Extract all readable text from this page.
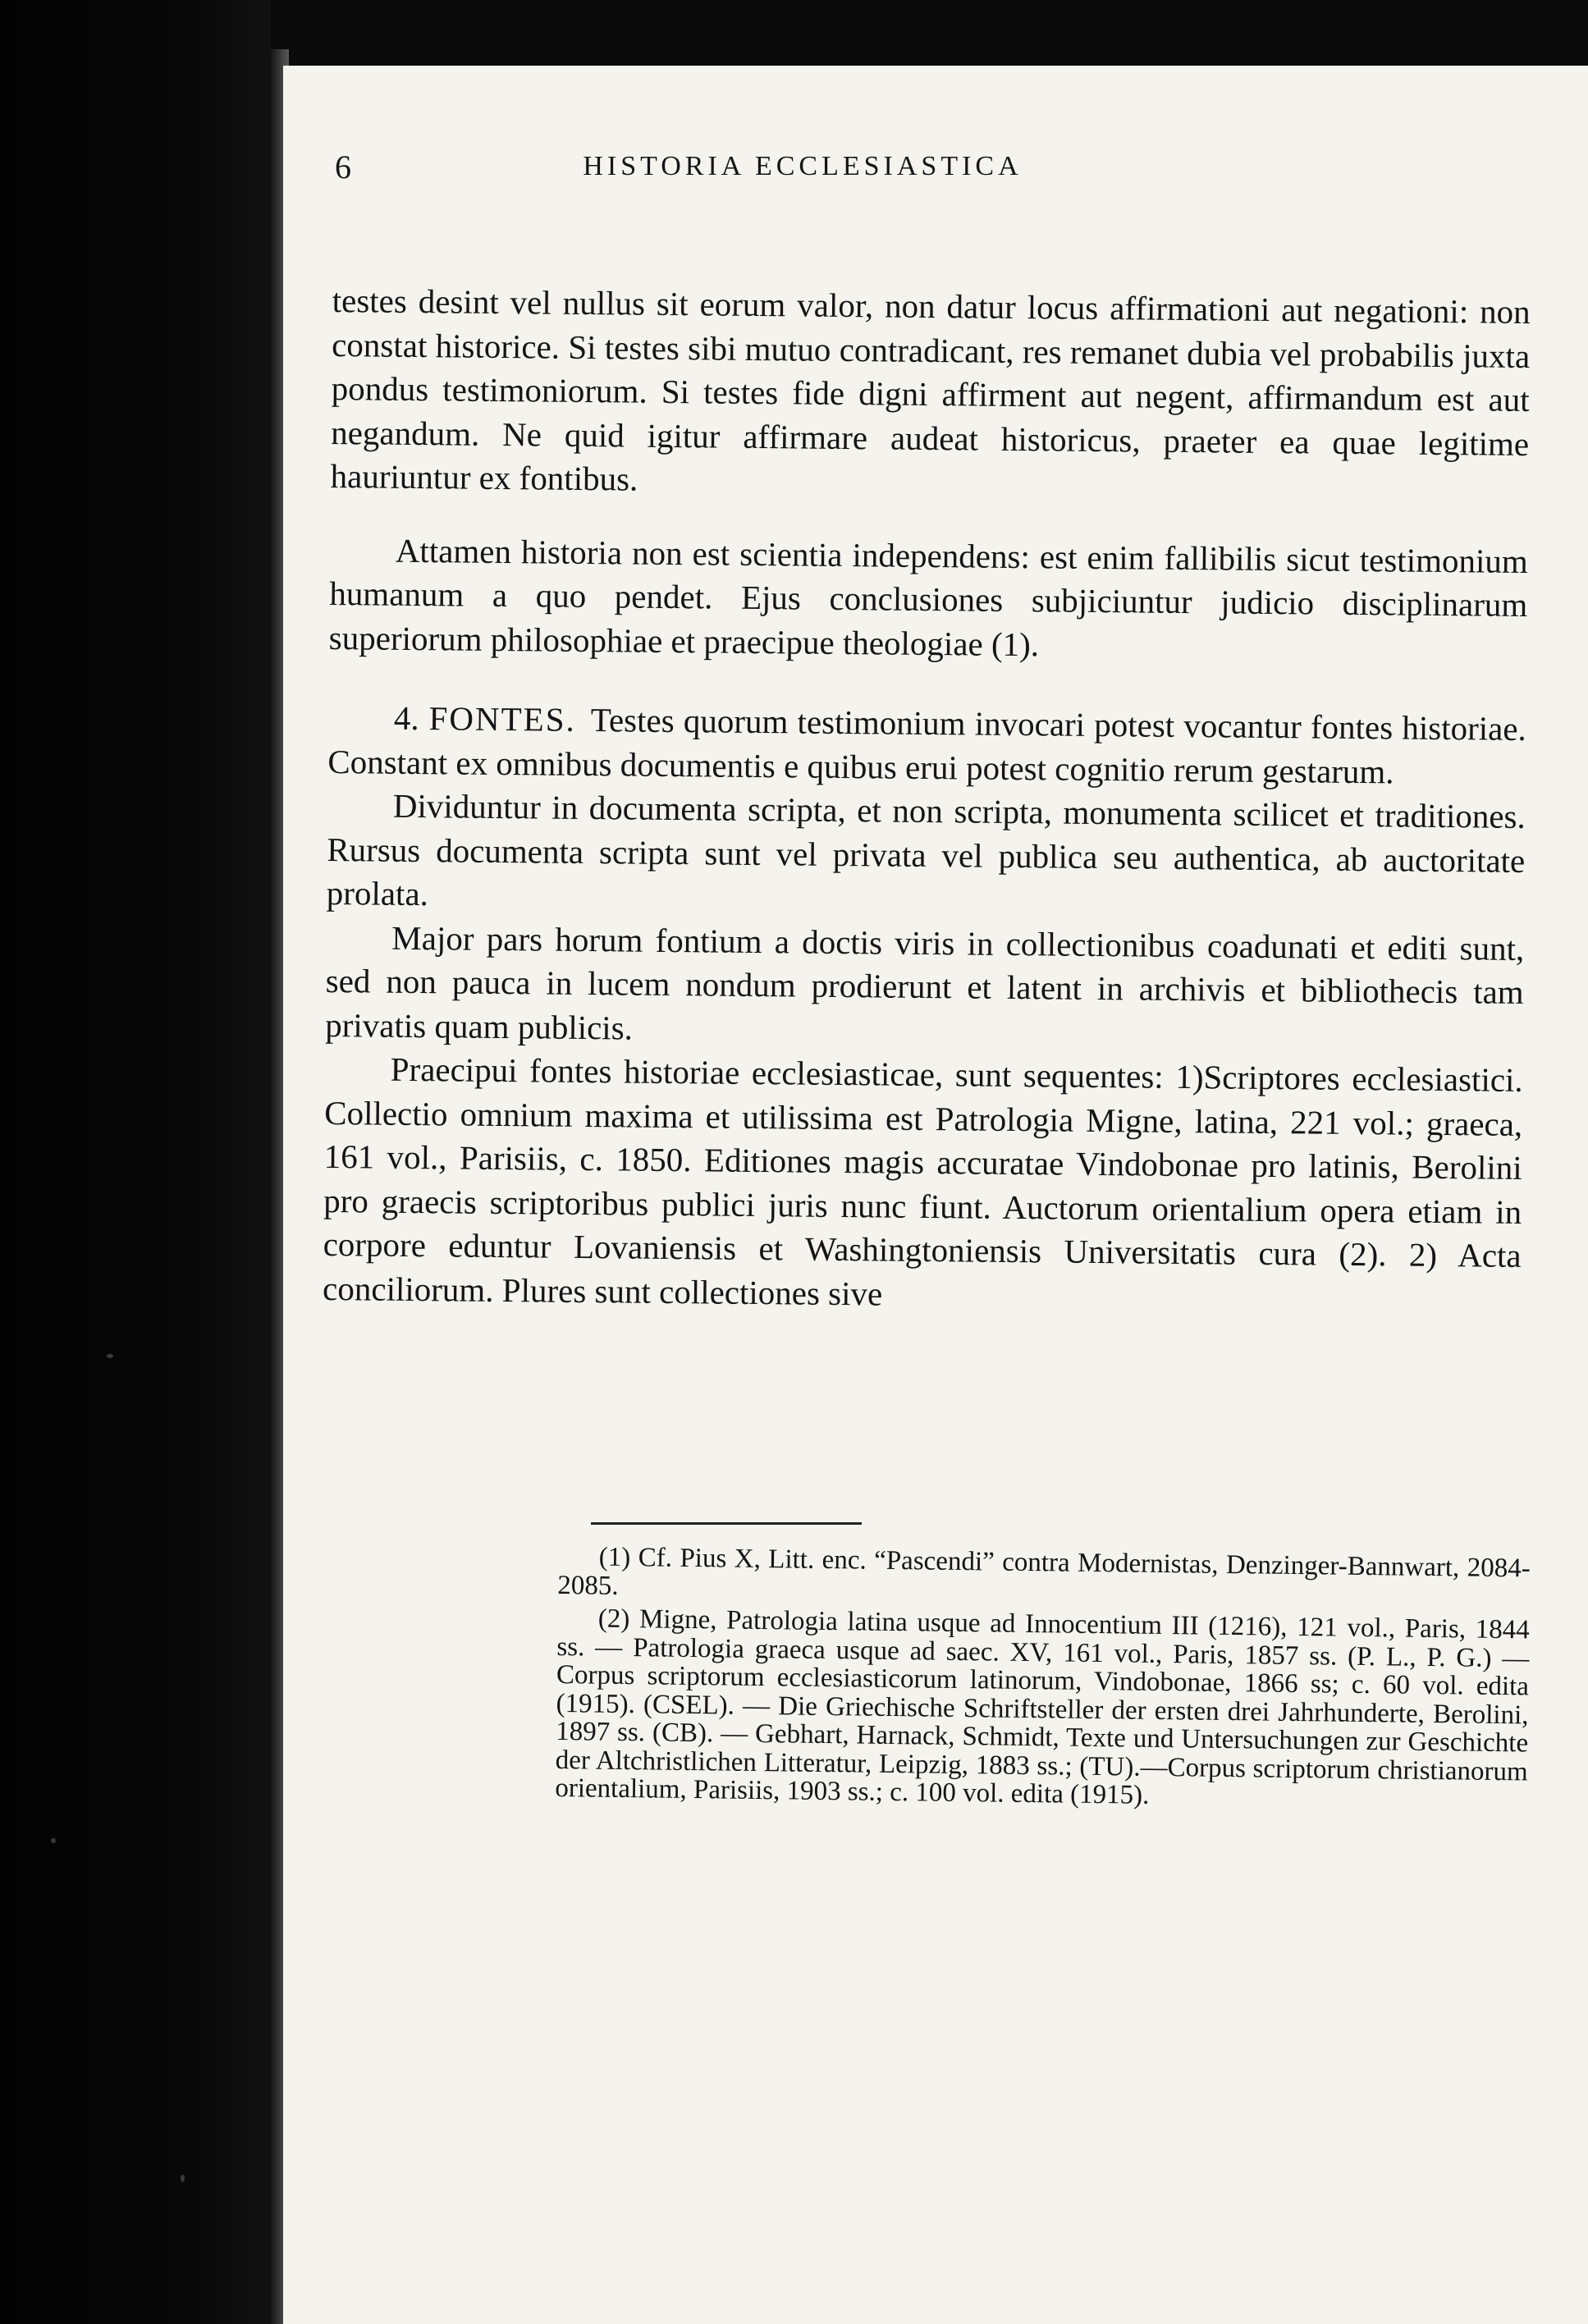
6	HISTORIA ECCLESIASTICA

testes desint vel nullus sit eorum valor, non datur locus affirmationi aut negationi: non constat historice. Si testes sibi mutuo contradicant, res remanet dubia vel probabilis juxta pondus testimoniorum. Si testes fide digni affirment aut negent, affirmandum est aut negandum. Ne quid igitur affirmare audeat historicus, praeter ea quae legitime hauriuntur ex fontibus.

Attamen historia non est scientia independens: est enim fallibilis sicut testimonium humanum a quo pendet. Ejus conclusiones subjiciuntur judicio disciplinarum superiorum philosophiae et praecipue theologiae (1).

4. FONTES. Testes quorum testimonium invocari potest vocantur fontes historiae. Constant ex omnibus documentis e quibus erui potest cognitio rerum gestarum.

Dividuntur in documenta scripta, et non scripta, monumenta scilicet et traditiones. Rursus documenta scripta sunt vel privata vel publica seu authentica, ab auctoritate prolata.

Major pars horum fontium a doctis viris in collectionibus coadunati et editi sunt, sed non pauca in lucem nondum prodierunt et latent in archivis et bibliothecis tam privatis quam publicis.

Praecipui fontes historiae ecclesiasticae, sunt sequentes: 1)Scriptores ecclesiastici. Collectio omnium maxima et utilissima est Patrologia Migne, latina, 221 vol.; graeca, 161 vol., Parisiis, c. 1850. Editiones magis accuratae Vindobonae pro latinis, Berolini pro graecis scriptoribus publici juris nunc fiunt. Auctorum orientalium opera etiam in corpore eduntur Lovaniensis et Washingtoniensis Universitatis cura (2). 2) Acta conciliorum. Plures sunt collectiones sive

(1) Cf. Pius X, Litt. enc. “Pascendi” contra Modernistas, Denzinger-Bannwart, 2084-2085.

(2) Migne, Patrologia latina usque ad Innocentium III (1216), 121 vol., Paris, 1844 ss. — Patrologia graeca usque ad saec. XV, 161 vol., Paris, 1857 ss. (P. L., P. G.) — Corpus scriptorum ecclesiasticorum latinorum, Vindobonae, 1866 ss; c. 60 vol. edita (1915). (CSEL). — Die Griechische Schriftsteller der ersten drei Jahrhunderte, Berolini, 1897 ss. (CB). — Gebhart, Harnack, Schmidt, Texte und Untersuchungen zur Geschichte der Altchristlichen Litteratur, Leipzig, 1883 ss.; (TU).—Corpus scriptorum christianorum orientalium, Parisiis, 1903 ss.; c. 100 vol. edita (1915).
